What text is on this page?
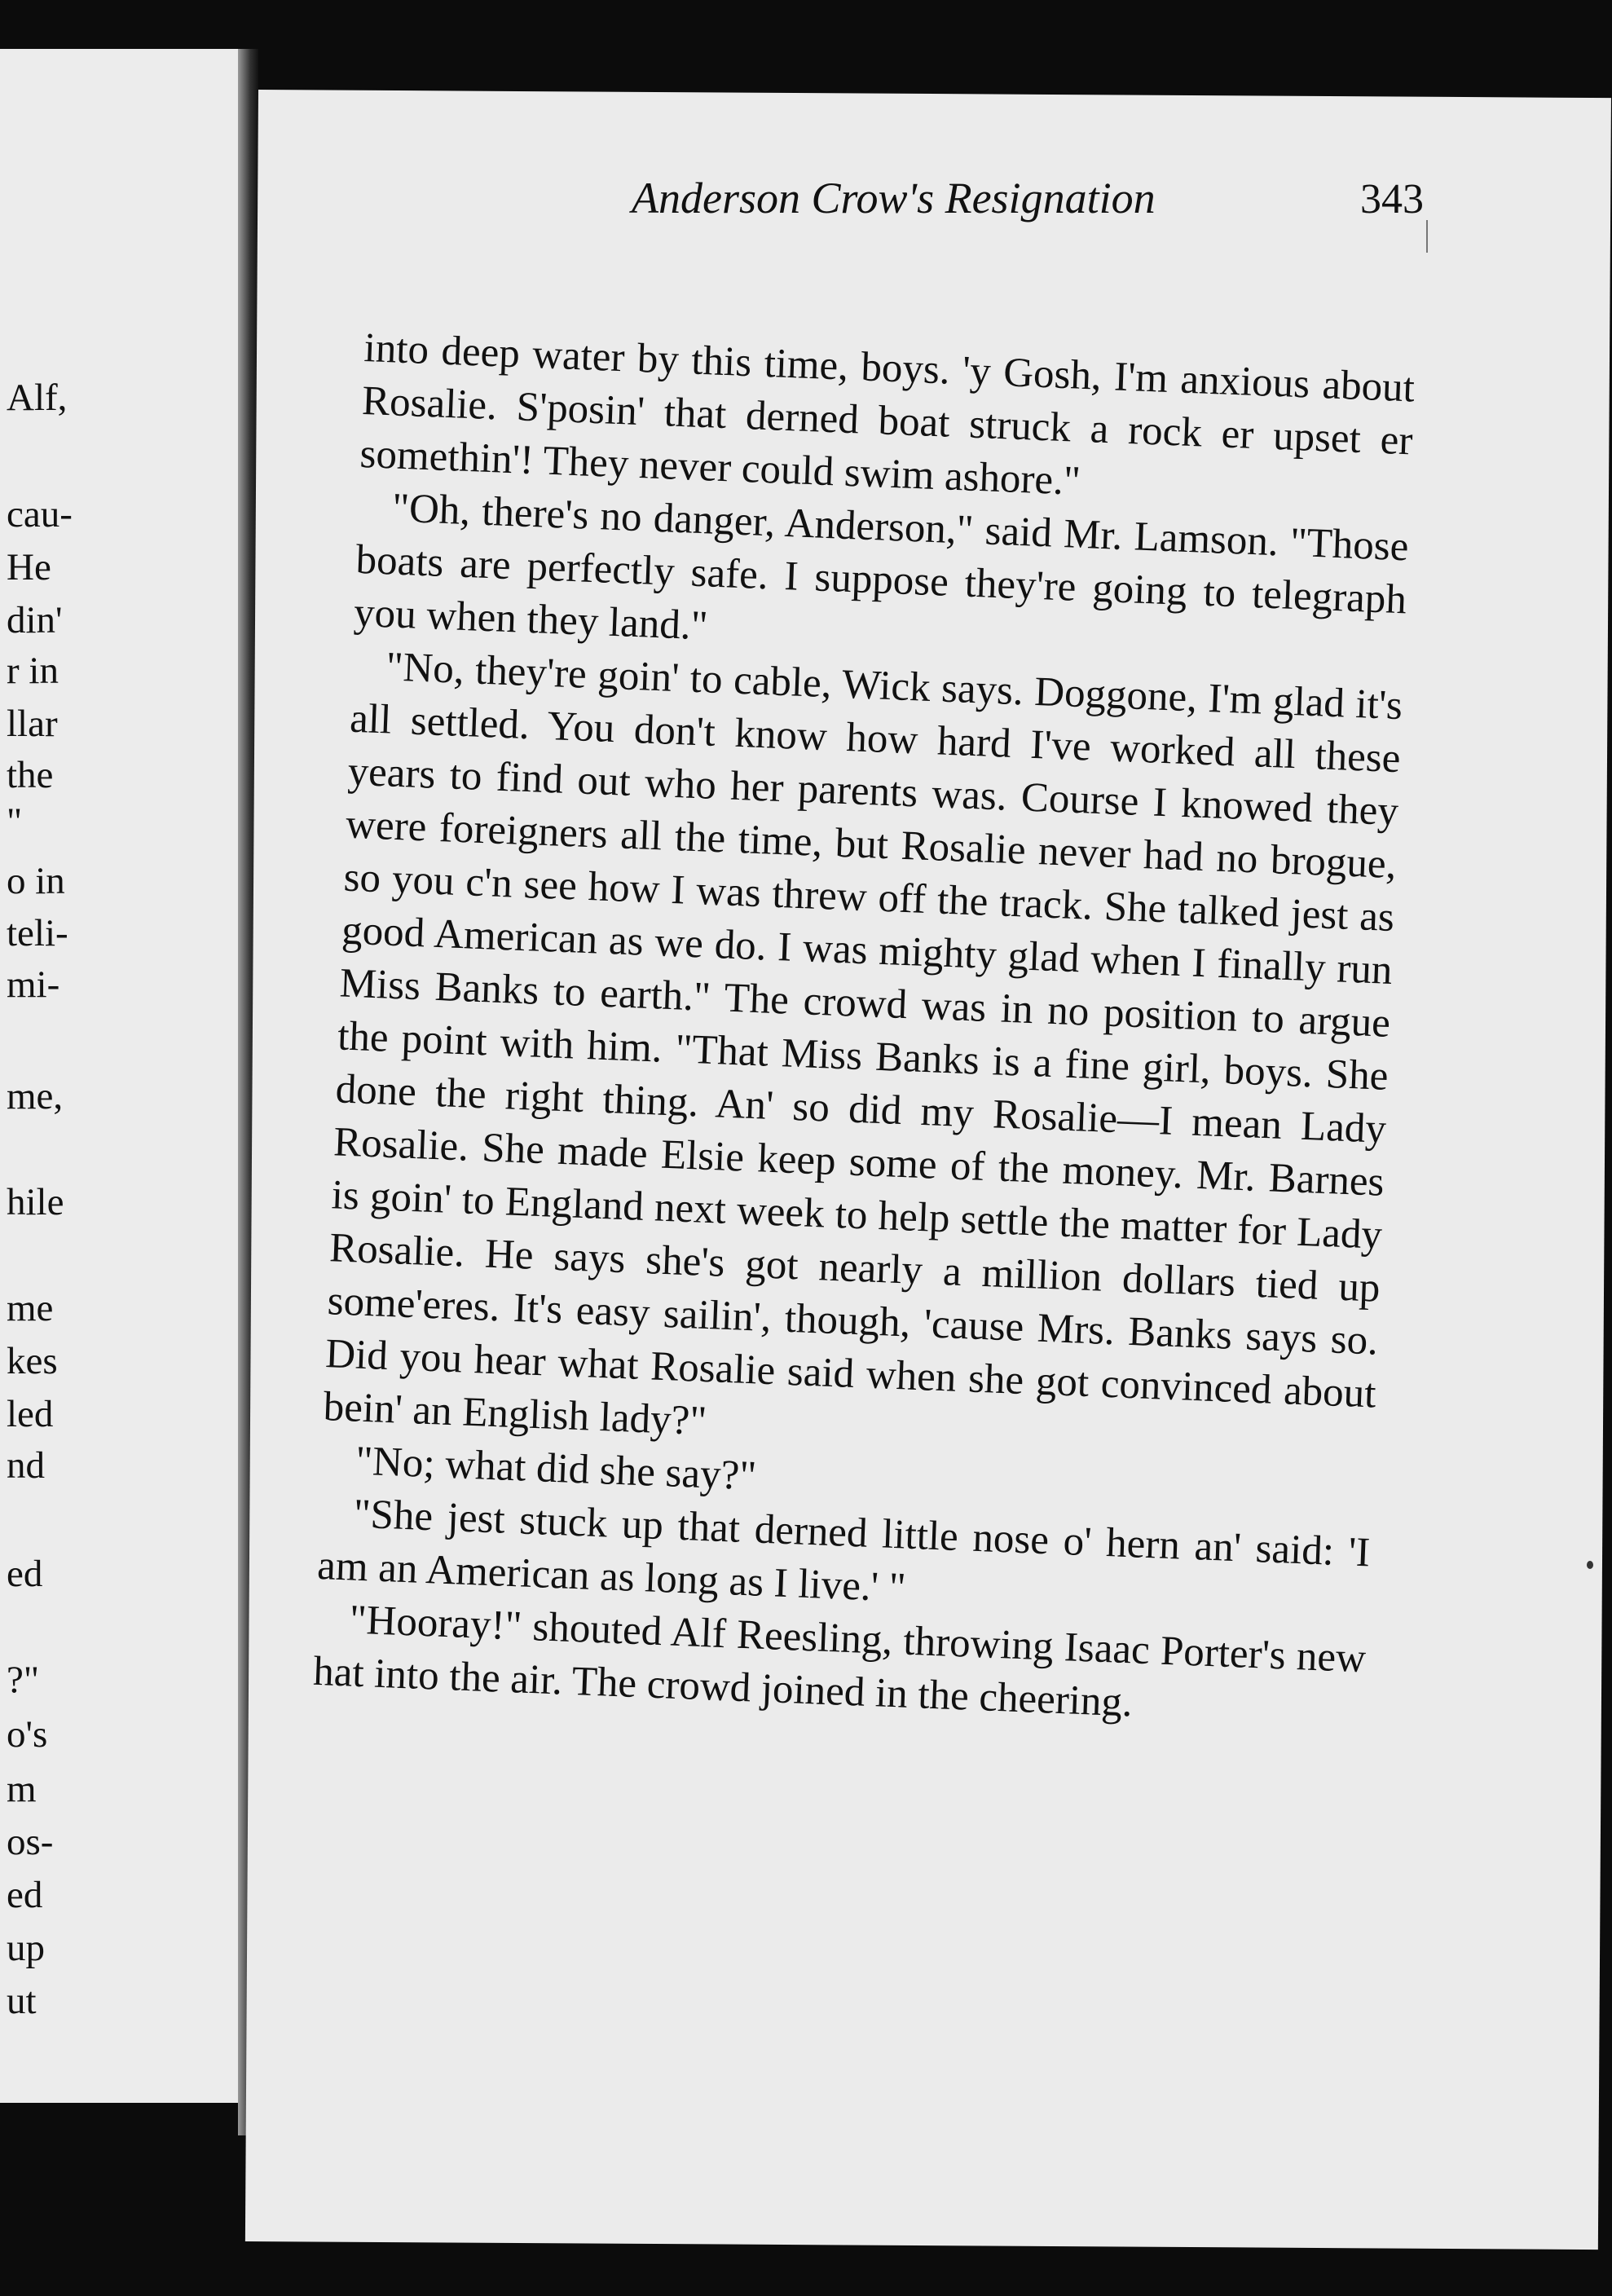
Alf,
cau-
He
din'
r in
llar
the
"
o in
teli-
mi-
me,
hile
me
kes
led
nd
ed
?"
o's
m
os-
ed
up
ut
Anderson Crow's Resignation	343

into deep water by this time, boys. 'y Gosh, I'm anxious about Rosalie. S'posin' that derned boat struck a rock er upset er somethin'! They never could swim ashore."

"Oh, there's no danger, Anderson," said Mr. Lamson. "Those boats are perfectly safe. I suppose they're going to telegraph you when they land."

"No, they're goin' to cable, Wick says. Doggone, I'm glad it's all settled. You don't know how hard I've worked all these years to find out who her parents was. Course I knowed they were foreigners all the time, but Rosalie never had no brogue, so you c'n see how I was threw off the track. She talked jest as good American as we do. I was mighty glad when I finally run Miss Banks to earth." The crowd was in no position to argue the point with him. "That Miss Banks is a fine girl, boys. She done the right thing. An' so did my Rosalie—I mean Lady Rosalie. She made Elsie keep some of the money. Mr. Barnes is goin' to England next week to help settle the matter for Lady Rosalie. He says she's got nearly a million dollars tied up some'eres. It's easy sailin', though, 'cause Mrs. Banks says so. Did you hear what Rosalie said when she got convinced about bein' an English lady?"

"No; what did she say?"

"She jest stuck up that derned little nose o' hern an' said: 'I am an American as long as I live.' "

"Hooray!" shouted Alf Reesling, throwing Isaac Porter's new hat into the air. The crowd joined in the cheering.
